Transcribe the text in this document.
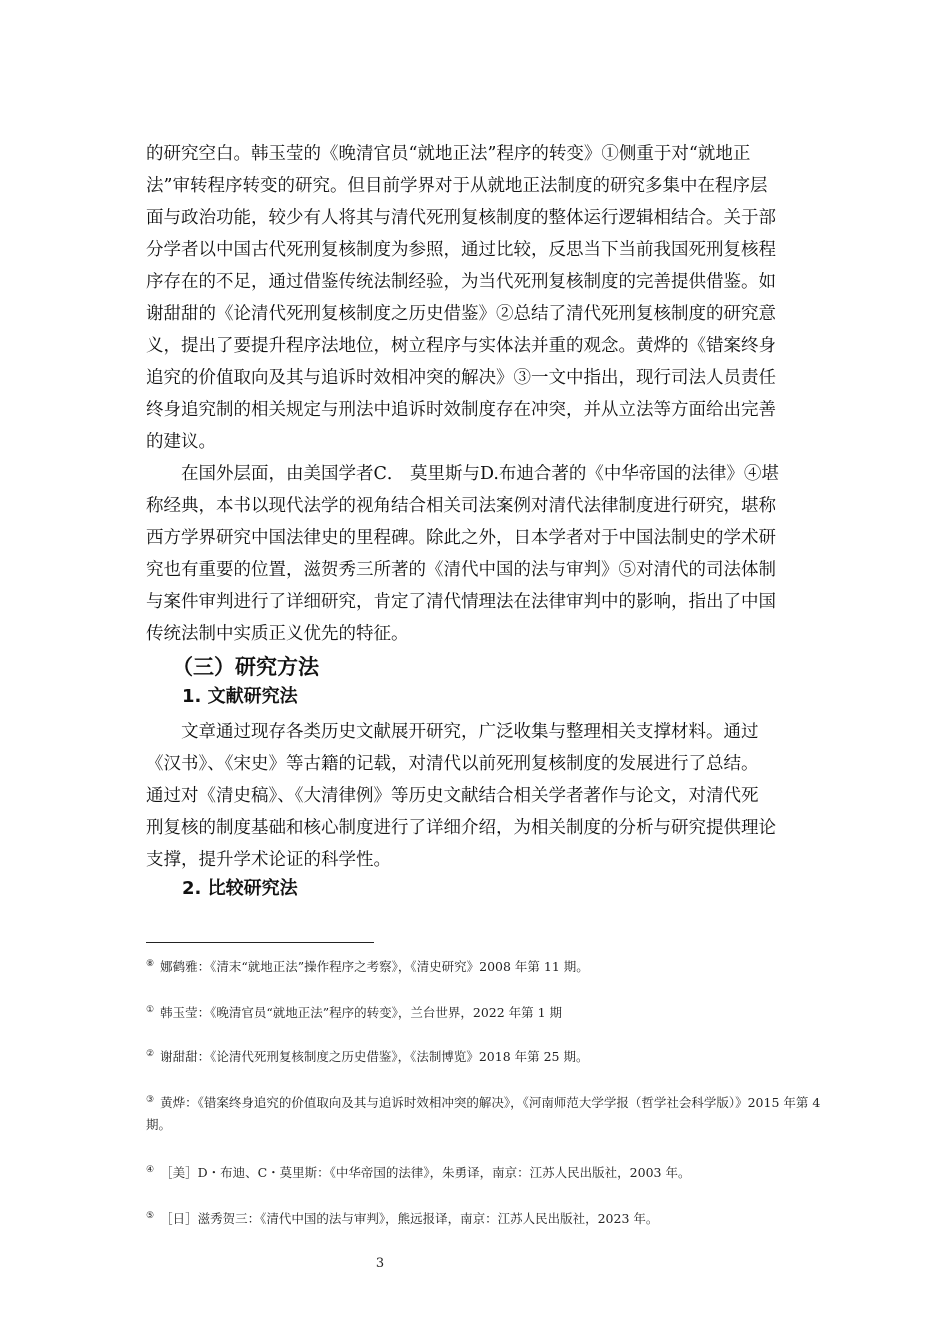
的研究空白。韩玉莹的《晚清官员“就地正法”程序的转变》①侧重于对“就地正
法”审转程序转变的研究。但目前学界对于从就地正法制度的研究多集中在程序层
面与政治功能，较少有人将其与清代死刑复核制度的整体运行逻辑相结合。关于部
分学者以中国古代死刑复核制度为参照，通过比较，反思当下当前我国死刑复核程
序存在的不足，通过借鉴传统法制经验，为当代死刑复核制度的完善提供借鉴。如
谢甜甜的《论清代死刑复核制度之历史借鉴》②总结了清代死刑复核制度的研究意
义，提出了要提升程序法地位，树立程序与实体法并重的观念。黄烨的《错案终身
追究的价值取向及其与追诉时效相冲突的解决》③一文中指出，现行司法人员责任
终身追究制的相关规定与刑法中追诉时效制度存在冲突，并从立法等方面给出完善
的建议。
　　在国外层面，由美国学者C． 莫里斯与D.布迪合著的《中华帝国的法律》④堪
称经典，本书以现代法学的视角结合相关司法案例对清代法律制度进行研究，堪称
西方学界研究中国法律史的里程碑。除此之外，日本学者对于中国法制史的学术研
究也有重要的位置，滋贺秀三所著的《清代中国的法与审判》⑤对清代的司法体制
与案件审判进行了详细研究，肯定了清代情理法在法律审判中的影响，指出了中国
传统法制中实质正义优先的特征。
（三）研究方法
1. 文献研究法
　　文章通过现存各类历史文献展开研究，广泛收集与整理相关支撑材料。通过
《汉书》、《宋史》等古籍的记载，对清代以前死刑复核制度的发展进行了总结。
通过对《清史稿》、《大清律例》等历史文献结合相关学者著作与论文，对清代死
刑复核的制度基础和核心制度进行了详细介绍，为相关制度的分析与研究提供理论
支撑，提升学术论证的科学性。
2. 比较研究法
⑧ 娜鹤雅：《清末“就地正法”操作程序之考察》，《清史研究》2008 年第 11 期。
① 韩玉莹：《晚清官员“就地正法”程序的转变》，兰台世界，2022 年第 1 期
② 谢甜甜：《论清代死刑复核制度之历史借鉴》，《法制博览》2018 年第 25 期。
③ 黄烨：《错案终身追究的价值取向及其与追诉时效相冲突的解决》，《河南师范大学学报（哲学社会科学版）》2015 年第 4 期。
④ ［美］D・布迪、C・莫里斯：《中华帝国的法律》，朱勇译，南京：江苏人民出版社，2003 年。
⑤ ［日］滋秀贺三：《清代中国的法与审判》，熊远报译，南京：江苏人民出版社，2023 年。
3
